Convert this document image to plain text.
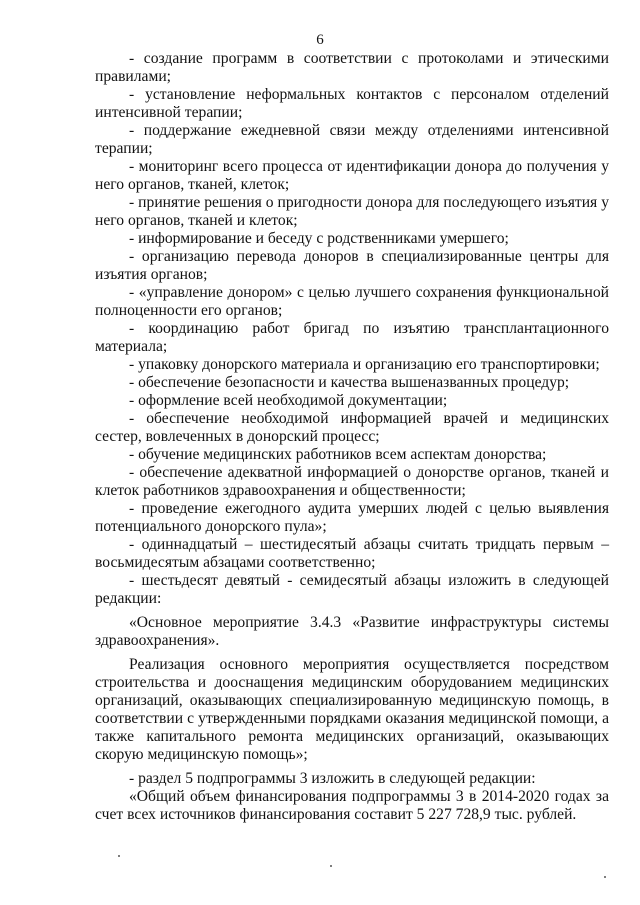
6

- создание программ в соответствии с протоколами и этическими правилами;

- установление неформальных контактов с персоналом отделений интенсивной терапии;

- поддержание ежедневной связи между отделениями интенсивной терапии;

- мониторинг всего процесса от идентификации донора до получения у него органов, тканей, клеток;

- принятие решения о пригодности донора для последующего изъятия у него органов, тканей и клеток;

- информирование и беседу с родственниками умершего;

- организацию перевода доноров в специализированные центры для изъятия органов;

- «управление донором» с целью лучшего сохранения функциональной полноценности его органов;

- координацию работ бригад по изъятию трансплантационного материала;

- упаковку донорского материала и организацию его транспортировки;

- обеспечение безопасности и качества вышеназванных процедур;

- оформление всей необходимой документации;

- обеспечение необходимой информацией врачей и медицинских сестер, вовлеченных в донорский процесс;

- обучение медицинских работников всем аспектам донорства;

- обеспечение адекватной информацией о донорстве органов, тканей и клеток работников здравоохранения и общественности;

- проведение ежегодного аудита умерших людей с целью выявления потенциального донорского пула»;

- одиннадцатый – шестидесятый абзацы считать тридцать первым – восьмидесятым абзацами соответственно;

- шестьдесят девятый - семидесятый абзацы изложить в следующей редакции:

«Основное мероприятие 3.4.3 «Развитие инфраструктуры системы здравоохранения».

Реализация основного мероприятия осуществляется посредством строительства и дооснащения медицинским оборудованием медицинских организаций, оказывающих специализированную медицинскую помощь, в соответствии с утвержденными порядками оказания медицинской помощи, а также капитального ремонта медицинских организаций, оказывающих скорую медицинскую помощь»;

- раздел 5 подпрограммы 3 изложить в следующей редакции:

«Общий объем финансирования подпрограммы 3 в 2014-2020 годах за счет всех источников финансирования составит 5 227 728,9 тыс. рублей.
